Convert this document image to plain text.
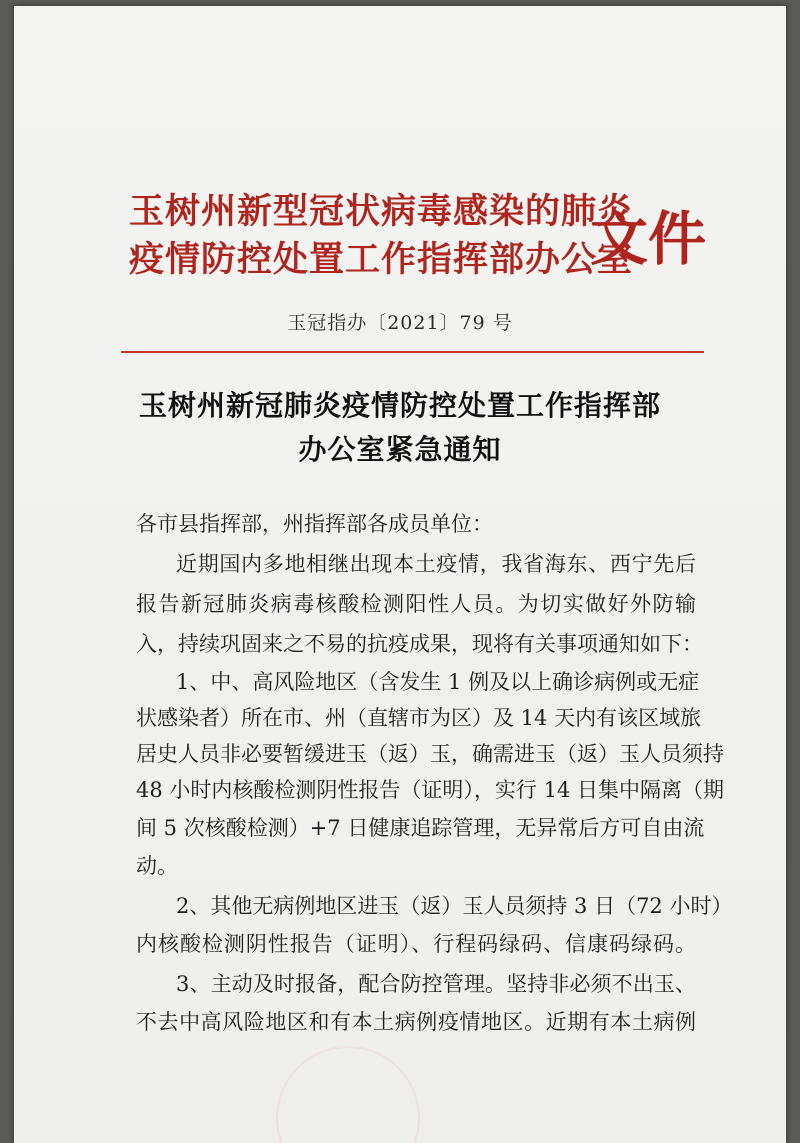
玉树州新型冠状病毒感染的肺炎
疫情防控处置工作指挥部办公室
文件
玉冠指办〔2021〕79 号
玉树州新冠肺炎疫情防控处置工作指挥部
办公室紧急通知
各市县指挥部，州指挥部各成员单位：
近期国内多地相继出现本土疫情，我省海东、西宁先后
报告新冠肺炎病毒核酸检测阳性人员。为切实做好外防输
入，持续巩固来之不易的抗疫成果，现将有关事项通知如下：
1、中、高风险地区（含发生 1 例及以上确诊病例或无症
状感染者）所在市、州（直辖市为区）及 14 天内有该区域旅
居史人员非必要暂缓进玉（返）玉，确需进玉（返）玉人员须持
48 小时内核酸检测阴性报告（证明），实行 14 日集中隔离（期
间 5 次核酸检测）+7 日健康追踪管理，无异常后方可自由流
动。
2、其他无病例地区进玉（返）玉人员须持 3 日（72 小时）
内核酸检测阴性报告（证明）、行程码绿码、信康码绿码。
3、主动及时报备，配合防控管理。坚持非必须不出玉、
不去中高风险地区和有本土病例疫情地区。近期有本土病例
